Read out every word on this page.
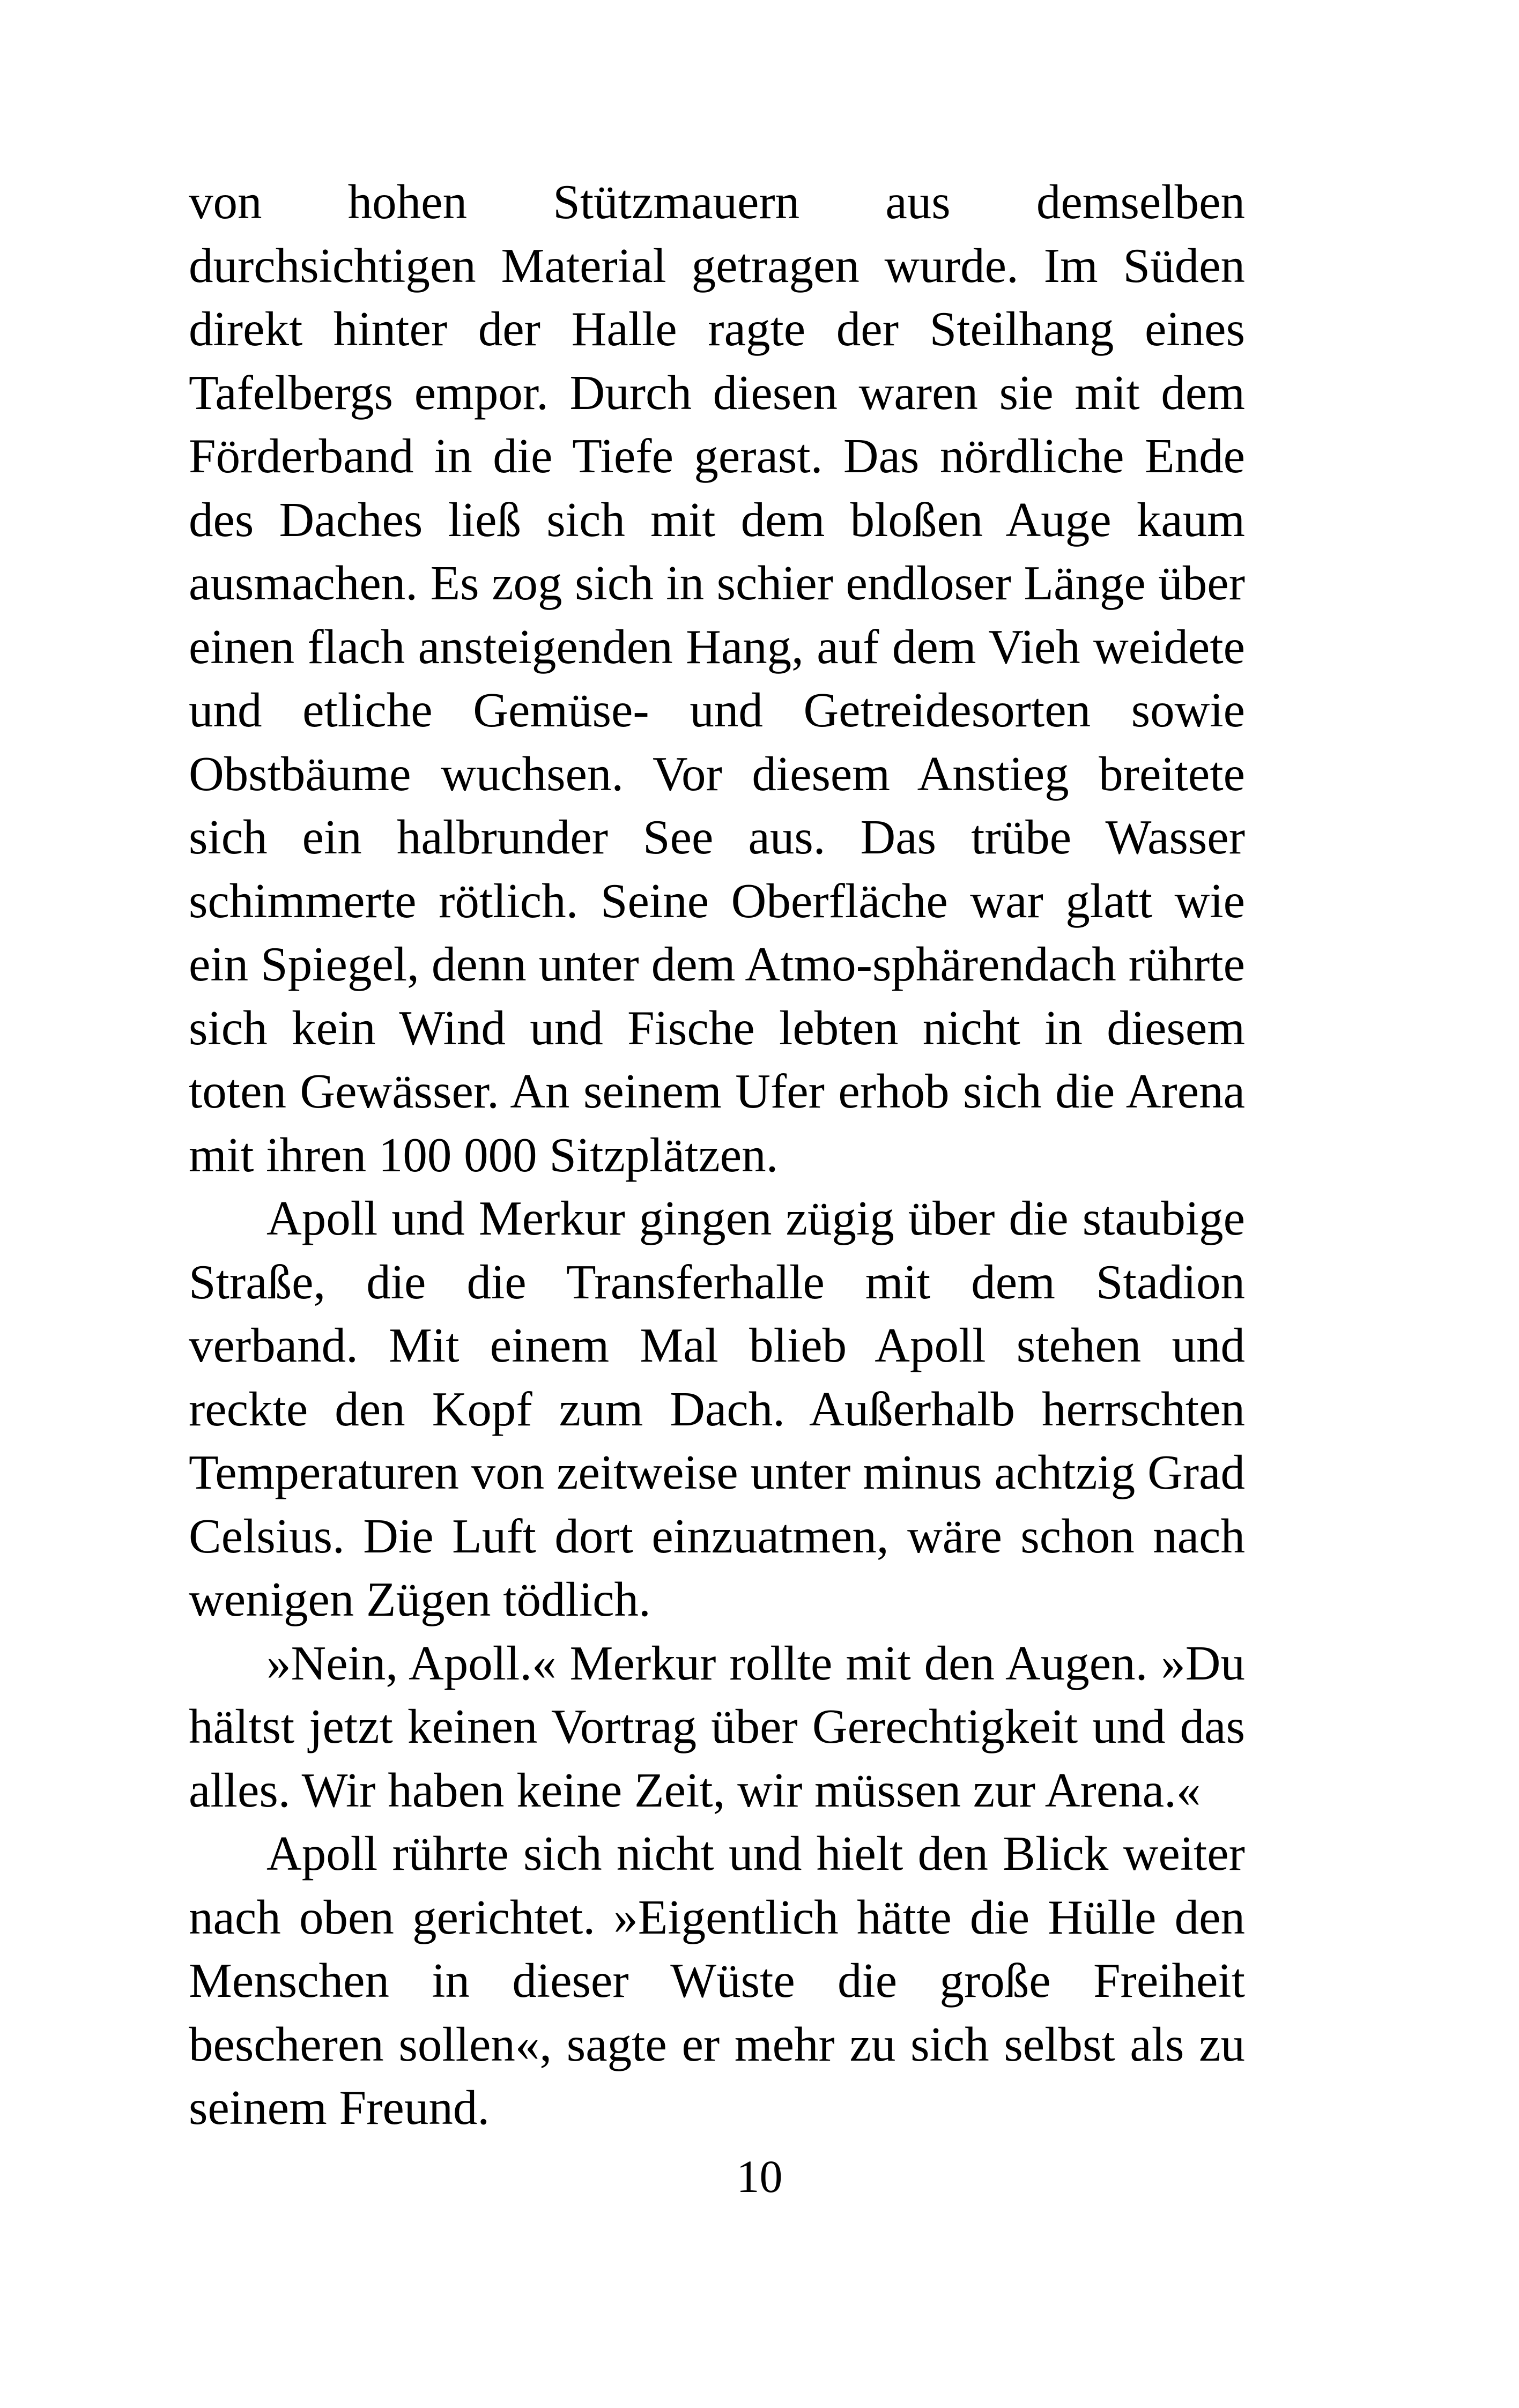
von hohen Stützmauern aus demselben durchsichtigen Material getragen wurde. Im Süden direkt hinter der Halle ragte der Steilhang eines Tafelbergs empor. Durch diesen waren sie mit dem Förderband in die Tiefe gerast. Das nördliche Ende des Daches ließ sich mit dem bloßen Auge kaum ausmachen. Es zog sich in schier endloser Länge über einen flach ansteigenden Hang, auf dem Vieh weidete und etliche Gemüse- und Getreidesorten sowie Obstbäume wuchsen. Vor diesem Anstieg breitete sich ein halbrunder See aus. Das trübe Wasser schimmerte rötlich. Seine Oberfläche war glatt wie ein Spiegel, denn unter dem Atmo-sphärendach rührte sich kein Wind und Fische lebten nicht in diesem toten Gewässer. An seinem Ufer erhob sich die Arena mit ihren 100 000 Sitzplätzen.

Apoll und Merkur gingen zügig über die staubige Straße, die die Transferhalle mit dem Stadion verband. Mit einem Mal blieb Apoll stehen und reckte den Kopf zum Dach. Außerhalb herrschten Temperaturen von zeitweise unter minus achtzig Grad Celsius. Die Luft dort einzuatmen, wäre schon nach wenigen Zügen tödlich.

»Nein, Apoll.« Merkur rollte mit den Augen. »Du hältst jetzt keinen Vortrag über Gerechtigkeit und das alles. Wir haben keine Zeit, wir müssen zur Arena.«

Apoll rührte sich nicht und hielt den Blick weiter nach oben gerichtet. »Eigentlich hätte die Hülle den Menschen in dieser Wüste die große Freiheit bescheren sollen«, sagte er mehr zu sich selbst als zu seinem Freund.

10
